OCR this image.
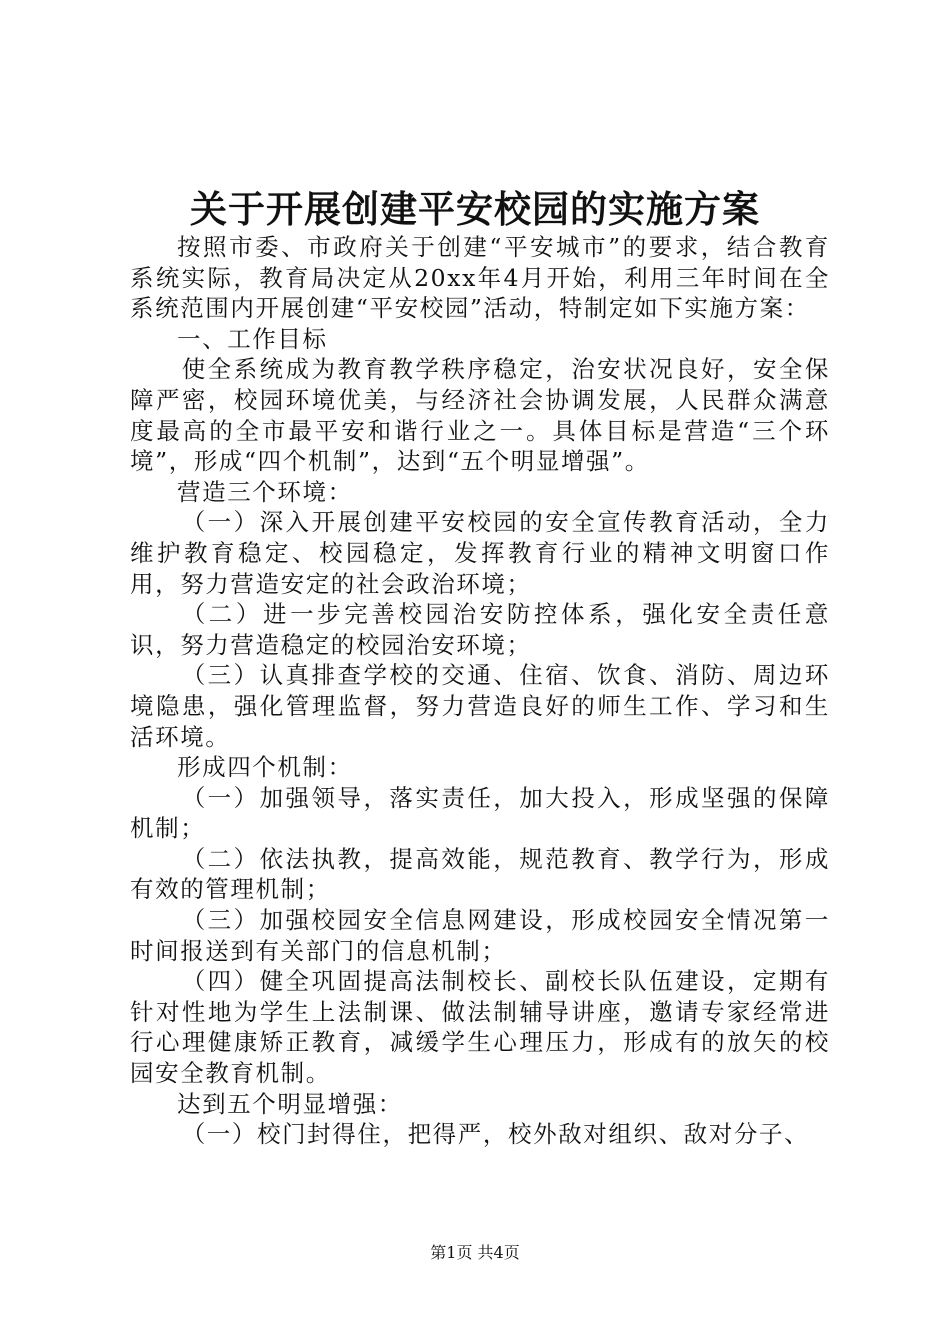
关于开展创建平安校园的实施方案

按照市委、市政府关于创建“平安城市”的要求，结合教育系统实际，教育局决定从20xx年4月开始，利用三年时间在全系统范围内开展创建“平安校园”活动，特制定如下实施方案：

一、工作目标

使全系统成为教育教学秩序稳定，治安状况良好，安全保障严密，校园环境优美，与经济社会协调发展，人民群众满意度最高的全市最平安和谐行业之一。具体目标是营造“三个环境”，形成“四个机制”，达到“五个明显增强”。

营造三个环境：

（一）深入开展创建平安校园的安全宣传教育活动，全力维护教育稳定、校园稳定，发挥教育行业的精神文明窗口作用，努力营造安定的社会政治环境；

（二）进一步完善校园治安防控体系，强化安全责任意识，努力营造稳定的校园治安环境；

（三）认真排查学校的交通、住宿、饮食、消防、周边环境隐患，强化管理监督，努力营造良好的师生工作、学习和生活环境。

形成四个机制：

（一）加强领导，落实责任，加大投入，形成坚强的保障机制；

（二）依法执教，提高效能，规范教育、教学行为，形成有效的管理机制；

（三）加强校园安全信息网建设，形成校园安全情况第一时间报送到有关部门的信息机制；

（四）健全巩固提高法制校长、副校长队伍建设，定期有针对性地为学生上法制课、做法制辅导讲座，邀请专家经常进行心理健康矫正教育，减缓学生心理压力，形成有的放矢的校园安全教育机制。

达到五个明显增强：

（一）校门封得住，把得严，校外敌对组织、敌对分子、

第1页 共4页
